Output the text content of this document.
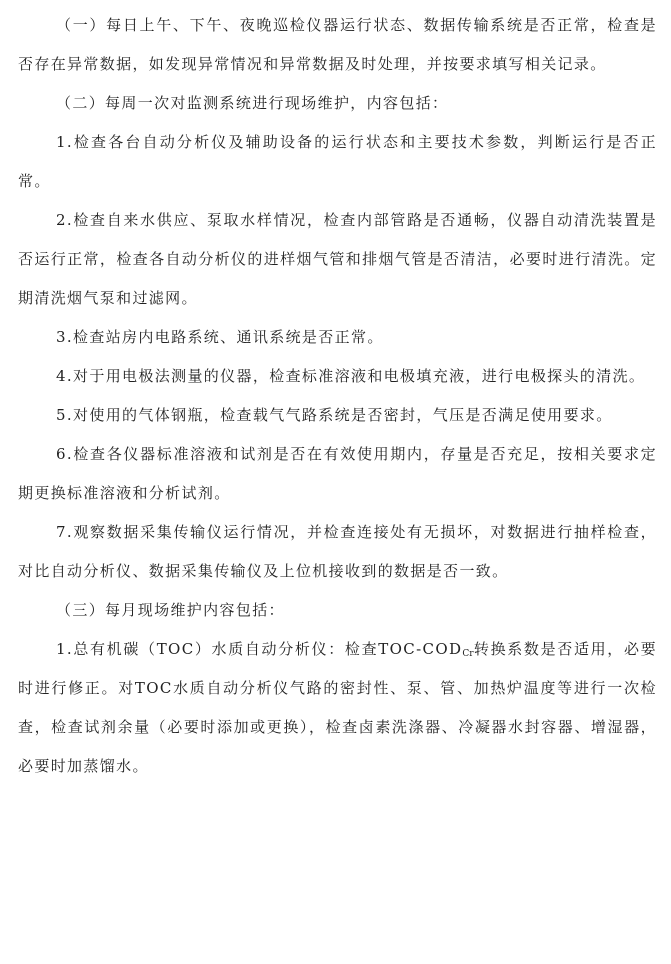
（一）每日上午、下午、夜晚巡检仪器运行状态、数据传输系统是否正常，检查是否存在异常数据，如发现异常情况和异常数据及时处理，并按要求填写相关记录。

（二）每周一次对监测系统进行现场维护，内容包括：

1.检查各台自动分析仪及辅助设备的运行状态和主要技术参数，判断运行是否正常。

2.检查自来水供应、泵取水样情况，检查内部管路是否通畅，仪器自动清洗装置是否运行正常，检查各自动分析仪的进样烟气管和排烟气管是否清洁，必要时进行清洗。定期清洗烟气泵和过滤网。

3.检查站房内电路系统、通讯系统是否正常。

4.对于用电极法测量的仪器，检查标准溶液和电极填充液，进行电极探头的清洗。

5.对使用的气体钢瓶，检查载气气路系统是否密封，气压是否满足使用要求。

6.检查各仪器标准溶液和试剂是否在有效使用期内，存量是否充足，按相关要求定期更换标准溶液和分析试剂。

7.观察数据采集传输仪运行情况，并检查连接处有无损坏，对数据进行抽样检查，对比自动分析仪、数据采集传输仪及上位机接收到的数据是否一致。

（三）每月现场维护内容包括：

1.总有机碳（TOC）水质自动分析仪：检查TOC-$COD_{Cr}$转换系数是否适用，必要时进行修正。对TOC水质自动分析仪气路的密封性、泵、管、加热炉温度等进行一次检查，检查试剂余量（必要时添加或更换），检查卤素洗涤器、冷凝器水封容器、增湿器，必要时加蒸馏水。
